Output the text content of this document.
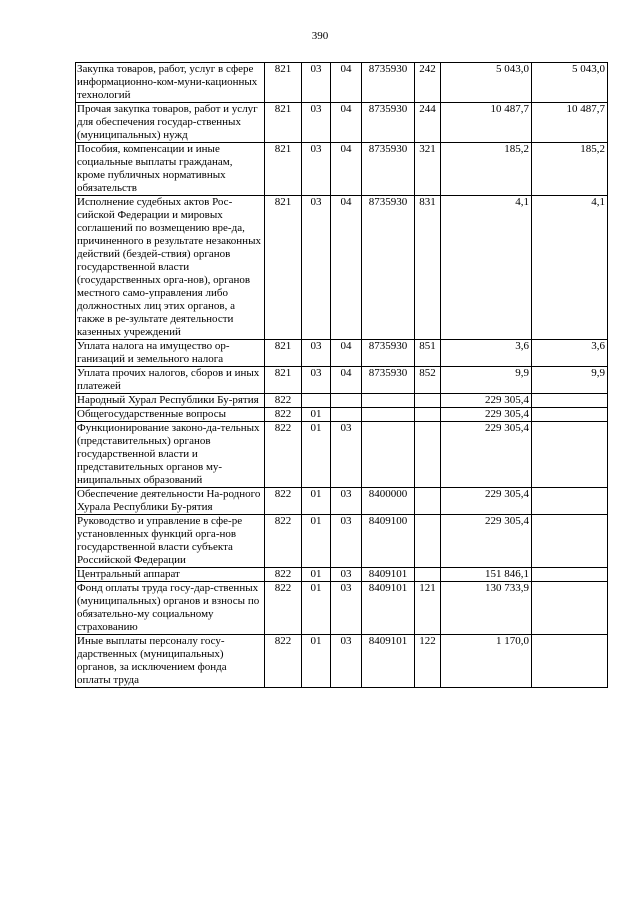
390
Закупка товаров, работ, услуг в сфере информационно-ком-муни-кационных технологий	821	03	04	8735930	242	5 043,0	5 043,0
Прочая закупка товаров, работ и услуг для обеспечения государ-ственных (муниципальных) нужд	821	03	04	8735930	244	10 487,7	10 487,7
Пособия, компенсации и иные социальные выплаты гражданам, кроме публичных нормативных обязательств	821	03	04	8735930	321	185,2	185,2
Исполнение судебных актов Рос-сийской Федерации и мировых соглашений по возмещению вре-да, причиненного в результате незаконных действий (бездей-ствия) органов государственной власти (государственных орга-нов), органов местного само-управления либо должностных лиц этих органов, а также в ре-зультате деятельности казенных учреждений	821	03	04	8735930	831	4,1	4,1
Уплата налога на имущество ор-ганизаций и земельного налога	821	03	04	8735930	851	3,6	3,6
Уплата прочих налогов, сборов и иных платежей	821	03	04	8735930	852	9,9	9,9
Народный Хурал Республики Бу-рятия	822					229 305,4	
Общегосударственные вопросы	822	01				229 305,4	
Функционирование законо-да-тельных (представительных) органов государственной власти и представительных органов му-ниципальных образований	822	01	03			229 305,4	
Обеспечение деятельности На-родного Хурала Республики Бу-рятия	822	01	03	8400000		229 305,4	
Руководство и управление в сфе-ре установленных функций орга-нов государственной власти субъекта Российской Федерации	822	01	03	8409100		229 305,4	
Центральный аппарат	822	01	03	8409101		151 846,1	
Фонд оплаты труда госу-дар-ственных (муниципальных) органов и взносы по обязательно-му социальному страхованию	822	01	03	8409101	121	130 733,9	
Иные выплаты персоналу госу-дарственных (муниципальных) органов, за исключением фонда оплаты труда	822	01	03	8409101	122	1 170,0	
